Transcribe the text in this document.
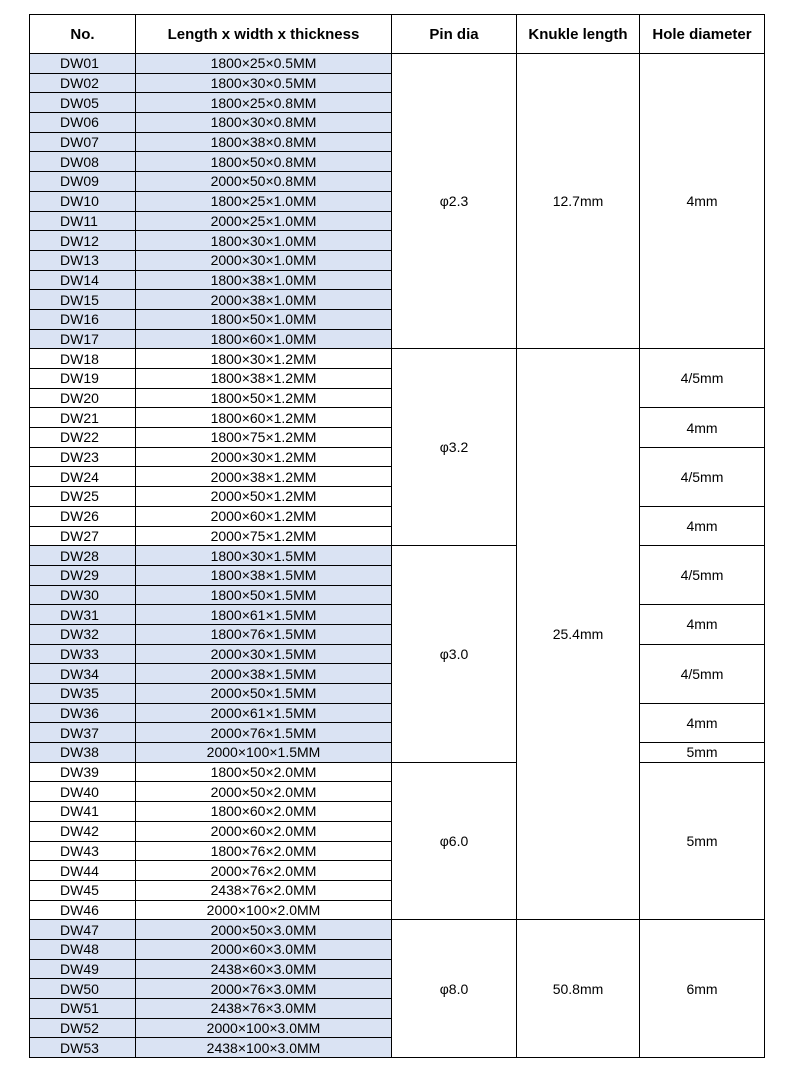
No.	Length x width x thickness	Pin dia	Knukle length	Hole diameter
DW01	1800×25×0.5MM	φ2.3	12.7mm	4mm
DW02	1800×30×0.5MM			
DW05	1800×25×0.8MM			
DW06	1800×30×0.8MM			
DW07	1800×38×0.8MM			
DW08	1800×50×0.8MM			
DW09	2000×50×0.8MM			
DW10	1800×25×1.0MM			
DW11	2000×25×1.0MM			
DW12	1800×30×1.0MM			
DW13	2000×30×1.0MM			
DW14	1800×38×1.0MM			
DW15	2000×38×1.0MM			
DW16	1800×50×1.0MM			
DW17	1800×60×1.0MM			
DW18	1800×30×1.2MM	φ3.2	25.4mm	4/5mm
DW19	1800×38×1.2MM			
DW20	1800×50×1.2MM			
DW21	1800×60×1.2MM			4mm
DW22	1800×75×1.2MM			
DW23	2000×30×1.2MM			4/5mm
DW24	2000×38×1.2MM			
DW25	2000×50×1.2MM			
DW26	2000×60×1.2MM			4mm
DW27	2000×75×1.2MM			
DW28	1800×30×1.5MM	φ3.0		4/5mm
DW29	1800×38×1.5MM			
DW30	1800×50×1.5MM			
DW31	1800×61×1.5MM			4mm
DW32	1800×76×1.5MM			
DW33	2000×30×1.5MM			4/5mm
DW34	2000×38×1.5MM			
DW35	2000×50×1.5MM			
DW36	2000×61×1.5MM			4mm
DW37	2000×76×1.5MM			
DW38	2000×100×1.5MM			5mm
DW39	1800×50×2.0MM	φ6.0		5mm
DW40	2000×50×2.0MM			
DW41	1800×60×2.0MM			
DW42	2000×60×2.0MM			
DW43	1800×76×2.0MM			
DW44	2000×76×2.0MM			
DW45	2438×76×2.0MM			
DW46	2000×100×2.0MM			
DW47	2000×50×3.0MM	φ8.0	50.8mm	6mm
DW48	2000×60×3.0MM			
DW49	2438×60×3.0MM			
DW50	2000×76×3.0MM			
DW51	2438×76×3.0MM			
DW52	2000×100×3.0MM			
DW53	2438×100×3.0MM			
